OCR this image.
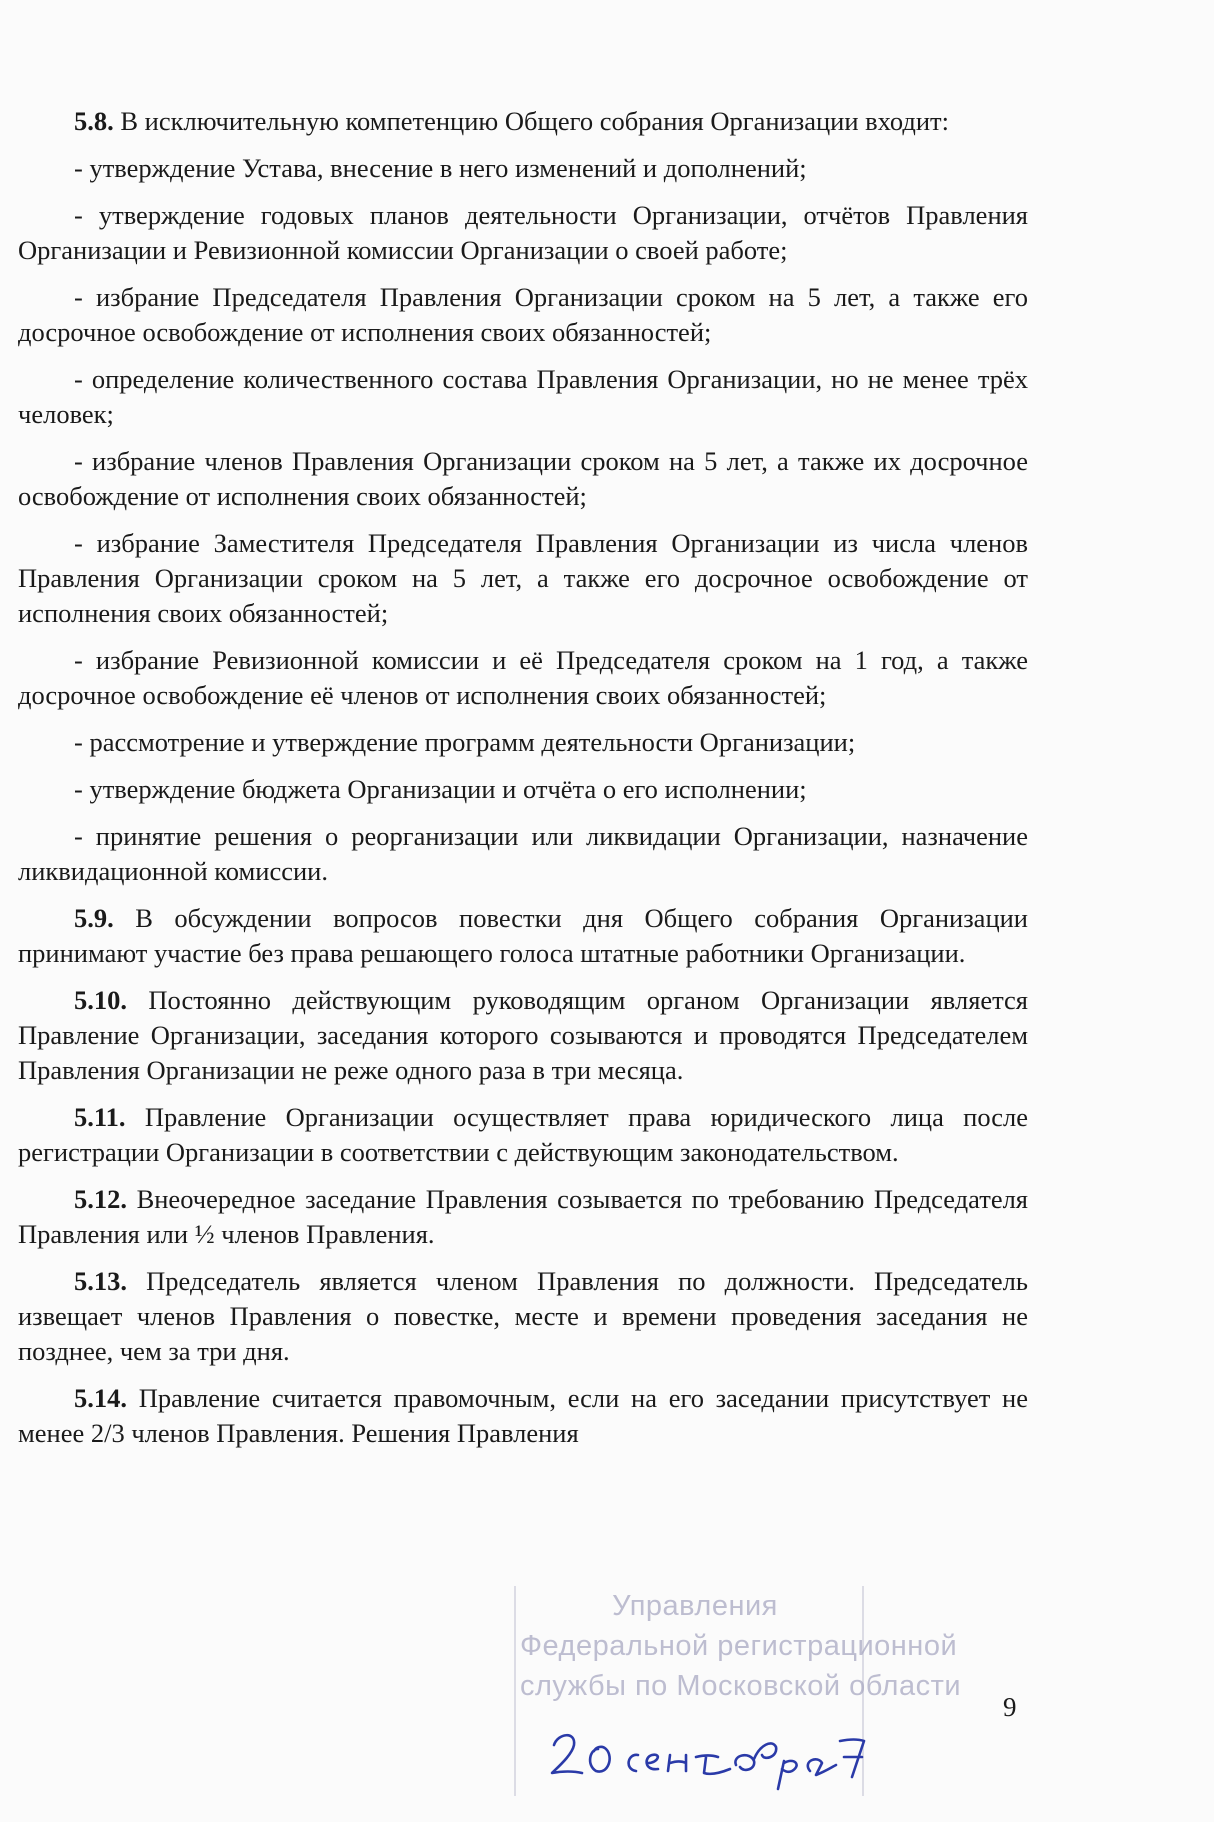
5.8. В исключительную компетенцию Общего собрания Организации входит:

- утверждение Устава, внесение в него изменений и дополнений;

- утверждение годовых планов деятельности Организации, отчётов Правления Организации и Ревизионной комиссии Организации о своей работе;

- избрание Председателя Правления Организации сроком на 5 лет, а также его досрочное освобождение от исполнения своих обязанностей;

- определение количественного состава Правления Организации, но не менее трёх человек;

- избрание членов Правления Организации сроком на 5 лет, а также их досрочное освобождение от исполнения своих обязанностей;

- избрание Заместителя Председателя Правления Организации из числа членов Правления Организации сроком на 5 лет, а также его досрочное освобождение от исполнения своих обязанностей;

- избрание Ревизионной комиссии и её Председателя сроком на 1 год, а также досрочное освобождение её членов от исполнения своих обязанностей;

- рассмотрение и утверждение программ деятельности Организации;

- утверждение бюджета Организации и отчёта о его исполнении;

- принятие решения о реорганизации или ликвидации Организации, назначение ликвидационной комиссии.

5.9. В обсуждении вопросов повестки дня Общего собрания Организации принимают участие без права решающего голоса штатные работники Организации.

5.10. Постоянно действующим руководящим органом Организации является Правление Организации, заседания которого созываются и проводятся Председателем Правления Организации не реже одного раза в три месяца.

5.11. Правление Организации осуществляет права юридического лица после регистрации Организации в соответствии с действующим законодательством.

5.12. Внеочередное заседание Правления созывается по требованию Председателя Правления или ½ членов Правления.

5.13. Председатель является членом Правления по должности. Председатель извещает членов Правления о повестке, месте и времени проведения заседания не позднее, чем за три дня.

5.14. Правление считается правомочным, если на его заседании присутствует не менее 2/3 членов Правления. Решения Правления

Управления
Федеральной регистрационной
службы по Московской области
9
